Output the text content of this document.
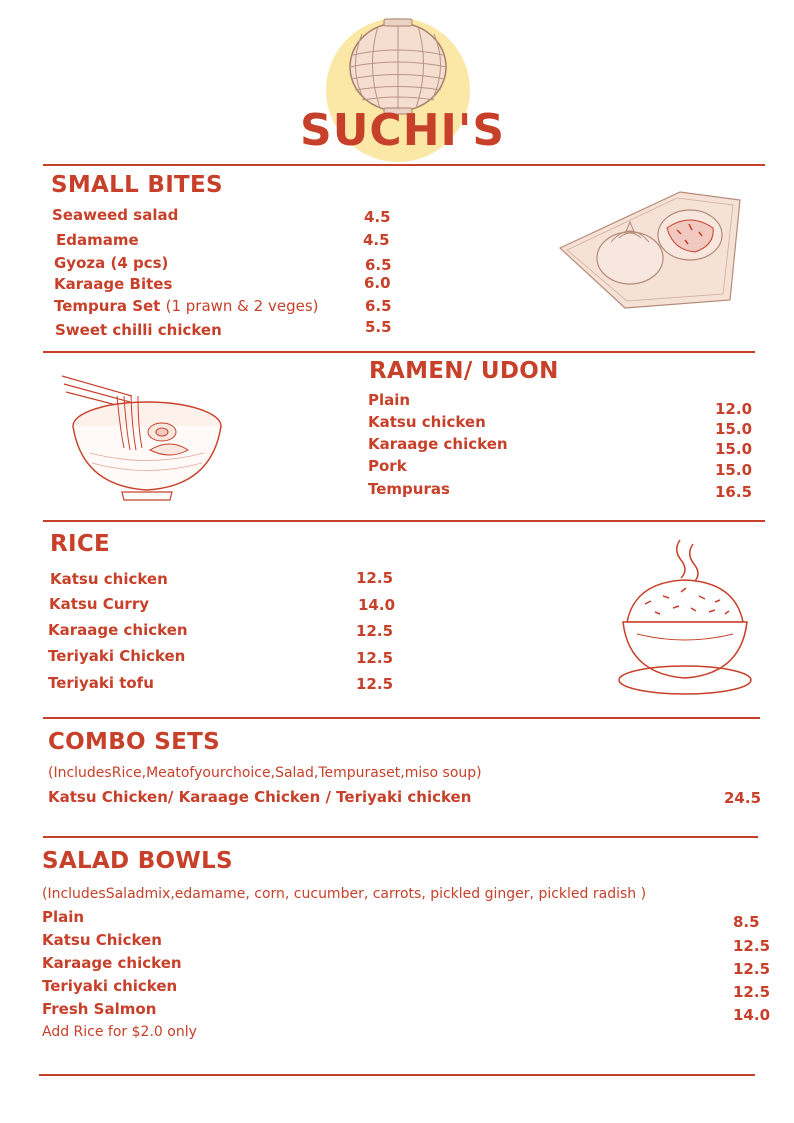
SUCHI'S
SMALL BITES
Seaweed salad	4.5
Edamame	4.5
Gyoza (4 pcs)	6.5
Karaage Bites	6.0
Tempura Set (1 prawn & 2 veges)	6.5
Sweet chilli chicken	5.5
RAMEN/ UDON
Plain	12.0
Katsu chicken	15.0
Karaage chicken	15.0
Pork	15.0
Tempuras	16.5
RICE
Katsu chicken	12.5
Katsu Curry	14.0
Karaage chicken	12.5
Teriyaki Chicken	12.5
Teriyaki tofu	12.5
COMBO SETS
(IncludesRice,Meatofyourchoice,Salad,Tempuraset,miso soup)
Katsu Chicken/ Karaage Chicken / Teriyaki chicken	24.5
SALAD BOWLS
(IncludesSaladmix,edamame, corn, cucumber, carrots, pickled ginger, pickled radish )
Plain	8.5
Katsu Chicken	12.5
Karaage chicken	12.5
Teriyaki chicken	12.5
Fresh Salmon	14.0
Add Rice for $2.0 only
